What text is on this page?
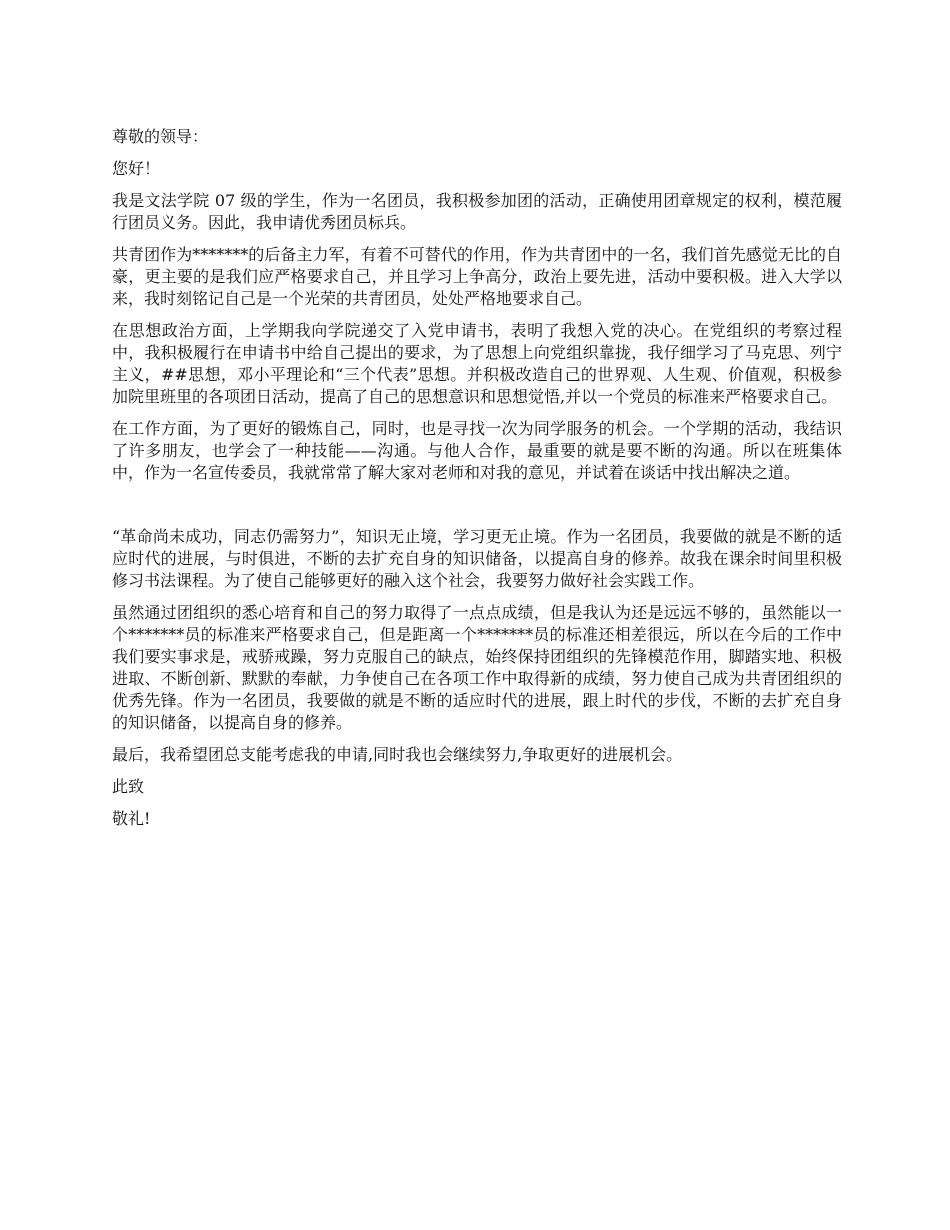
尊敬的领导：

您好！

我是文法学院 07 级的学生，作为一名团员，我积极参加团的活动，正确使用团章规定的权利，模范履行团员义务。因此，我申请优秀团员标兵。

共青团作为*******的后备主力军，有着不可替代的作用，作为共青团中的一名，我们首先感觉无比的自豪，更主要的是我们应严格要求自己，并且学习上争高分，政治上要先进，活动中要积极。进入大学以来，我时刻铭记自己是一个光荣的共青团员，处处严格地要求自己。

在思想政治方面，上学期我向学院递交了入党申请书，表明了我想入党的决心。在党组织的考察过程中，我积极履行在申请书中给自己提出的要求，为了思想上向党组织靠拢，我仔细学习了马克思、列宁主义，##思想，邓小平理论和“三个代表”思想。并积极改造自己的世界观、人生观、价值观，积极参加院里班里的各项团日活动，提高了自己的思想意识和思想觉悟,并以一个党员的标准来严格要求自己。

在工作方面，为了更好的锻炼自己，同时，也是寻找一次为同学服务的机会。一个学期的活动，我结识了许多朋友，也学会了一种技能——沟通。与他人合作，最重要的就是要不断的沟通。所以在班集体中，作为一名宣传委员，我就常常了解大家对老师和对我的意见，并试着在谈话中找出解决之道。

“革命尚未成功，同志仍需努力”，知识无止境，学习更无止境。作为一名团员，我要做的就是不断的适应时代的进展，与时俱进，不断的去扩充自身的知识储备，以提高自身的修养。故我在课余时间里积极修习书法课程。为了使自己能够更好的融入这个社会，我要努力做好社会实践工作。

虽然通过团组织的悉心培育和自己的努力取得了一点点成绩，但是我认为还是远远不够的，虽然能以一个*******员的标准来严格要求自己，但是距离一个*******员的标准还相差很远，所以在今后的工作中我们要实事求是，戒骄戒躁，努力克服自己的缺点，始终保持团组织的先锋模范作用，脚踏实地、积极进取、不断创新、默默的奉献，力争使自己在各项工作中取得新的成绩，努力使自己成为共青团组织的优秀先锋。作为一名团员，我要做的就是不断的适应时代的进展，跟上时代的步伐，不断的去扩充自身的知识储备，以提高自身的修养。

最后，我希望团总支能考虑我的申请,同时我也会继续努力,争取更好的进展机会。

此致

敬礼!
